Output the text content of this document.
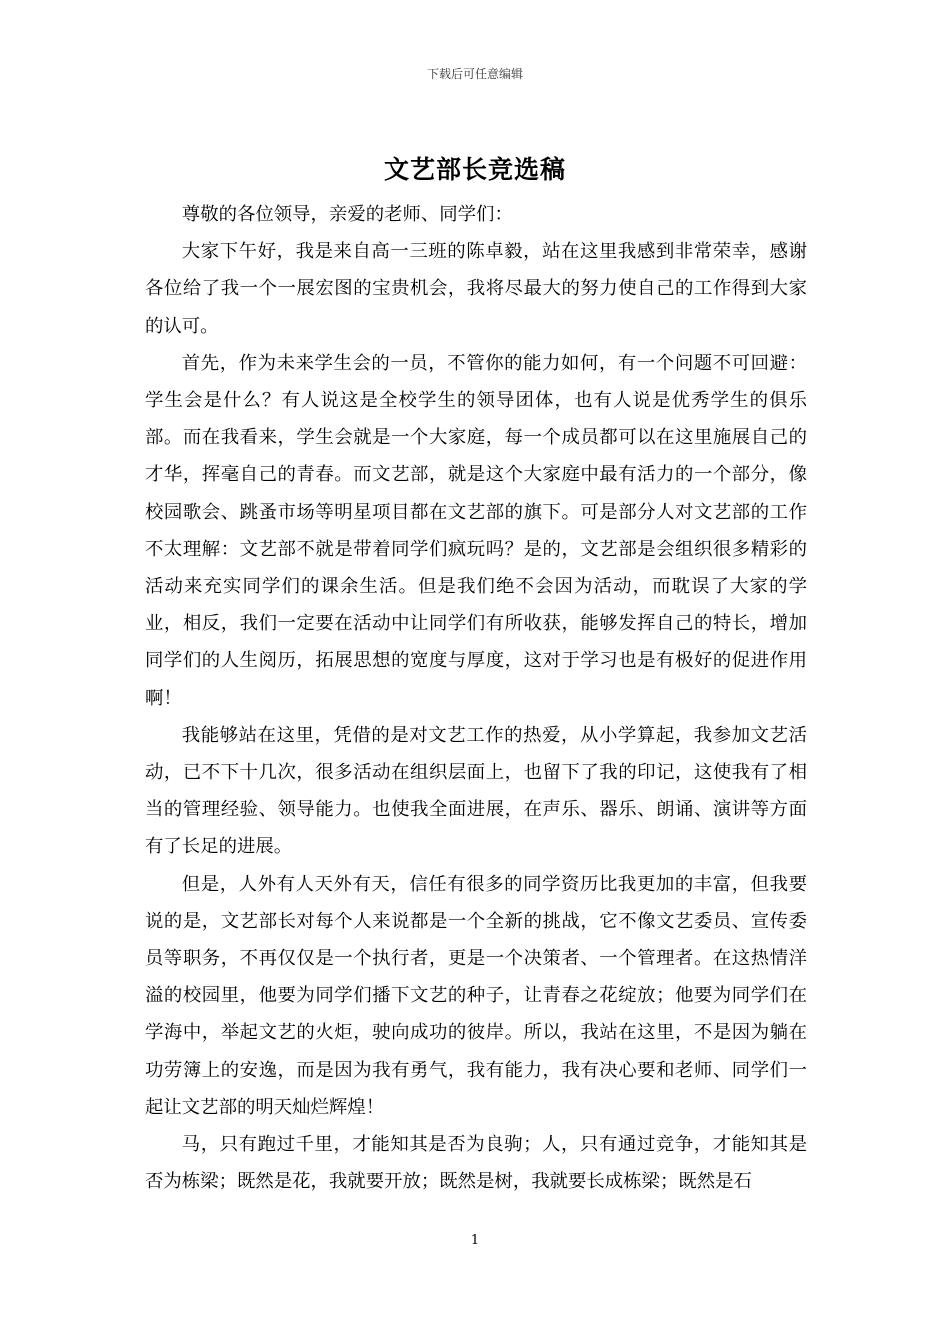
下载后可任意编辑
文艺部长竞选稿

尊敬的各位领导，亲爱的老师、同学们：

大家下午好，我是来自高一三班的陈卓毅，站在这里我感到非常荣幸，感谢各位给了我一个一展宏图的宝贵机会，我将尽最大的努力使自己的工作得到大家的认可。

首先，作为未来学生会的一员，不管你的能力如何，有一个问题不可回避：学生会是什么？有人说这是全校学生的领导团体，也有人说是优秀学生的俱乐部。而在我看来，学生会就是一个大家庭，每一个成员都可以在这里施展自己的才华，挥毫自己的青春。而文艺部，就是这个大家庭中最有活力的一个部分，像校园歌会、跳蚤市场等明星项目都在文艺部的旗下。可是部分人对文艺部的工作不太理解：文艺部不就是带着同学们疯玩吗？是的，文艺部是会组织很多精彩的活动来充实同学们的课余生活。但是我们绝不会因为活动，而耽误了大家的学业，相反，我们一定要在活动中让同学们有所收获，能够发挥自己的特长，增加同学们的人生阅历，拓展思想的宽度与厚度，这对于学习也是有极好的促进作用啊！

我能够站在这里，凭借的是对文艺工作的热爱，从小学算起，我参加文艺活动，已不下十几次，很多活动在组织层面上，也留下了我的印记，这使我有了相当的管理经验、领导能力。也使我全面进展，在声乐、器乐、朗诵、演讲等方面有了长足的进展。

但是，人外有人天外有天，信任有很多的同学资历比我更加的丰富，但我要说的是，文艺部长对每个人来说都是一个全新的挑战，它不像文艺委员、宣传委员等职务，不再仅仅是一个执行者，更是一个决策者、一个管理者。在这热情洋溢的校园里，他要为同学们播下文艺的种子，让青春之花绽放；他要为同学们在学海中，举起文艺的火炬，驶向成功的彼岸。所以，我站在这里，不是因为躺在功劳簿上的安逸，而是因为我有勇气，我有能力，我有决心要和老师、同学们一起让文艺部的明天灿烂辉煌！

马，只有跑过千里，才能知其是否为良驹；人，只有通过竞争，才能知其是否为栋梁；既然是花，我就要开放；既然是树，我就要长成栋梁；既然是石

1
